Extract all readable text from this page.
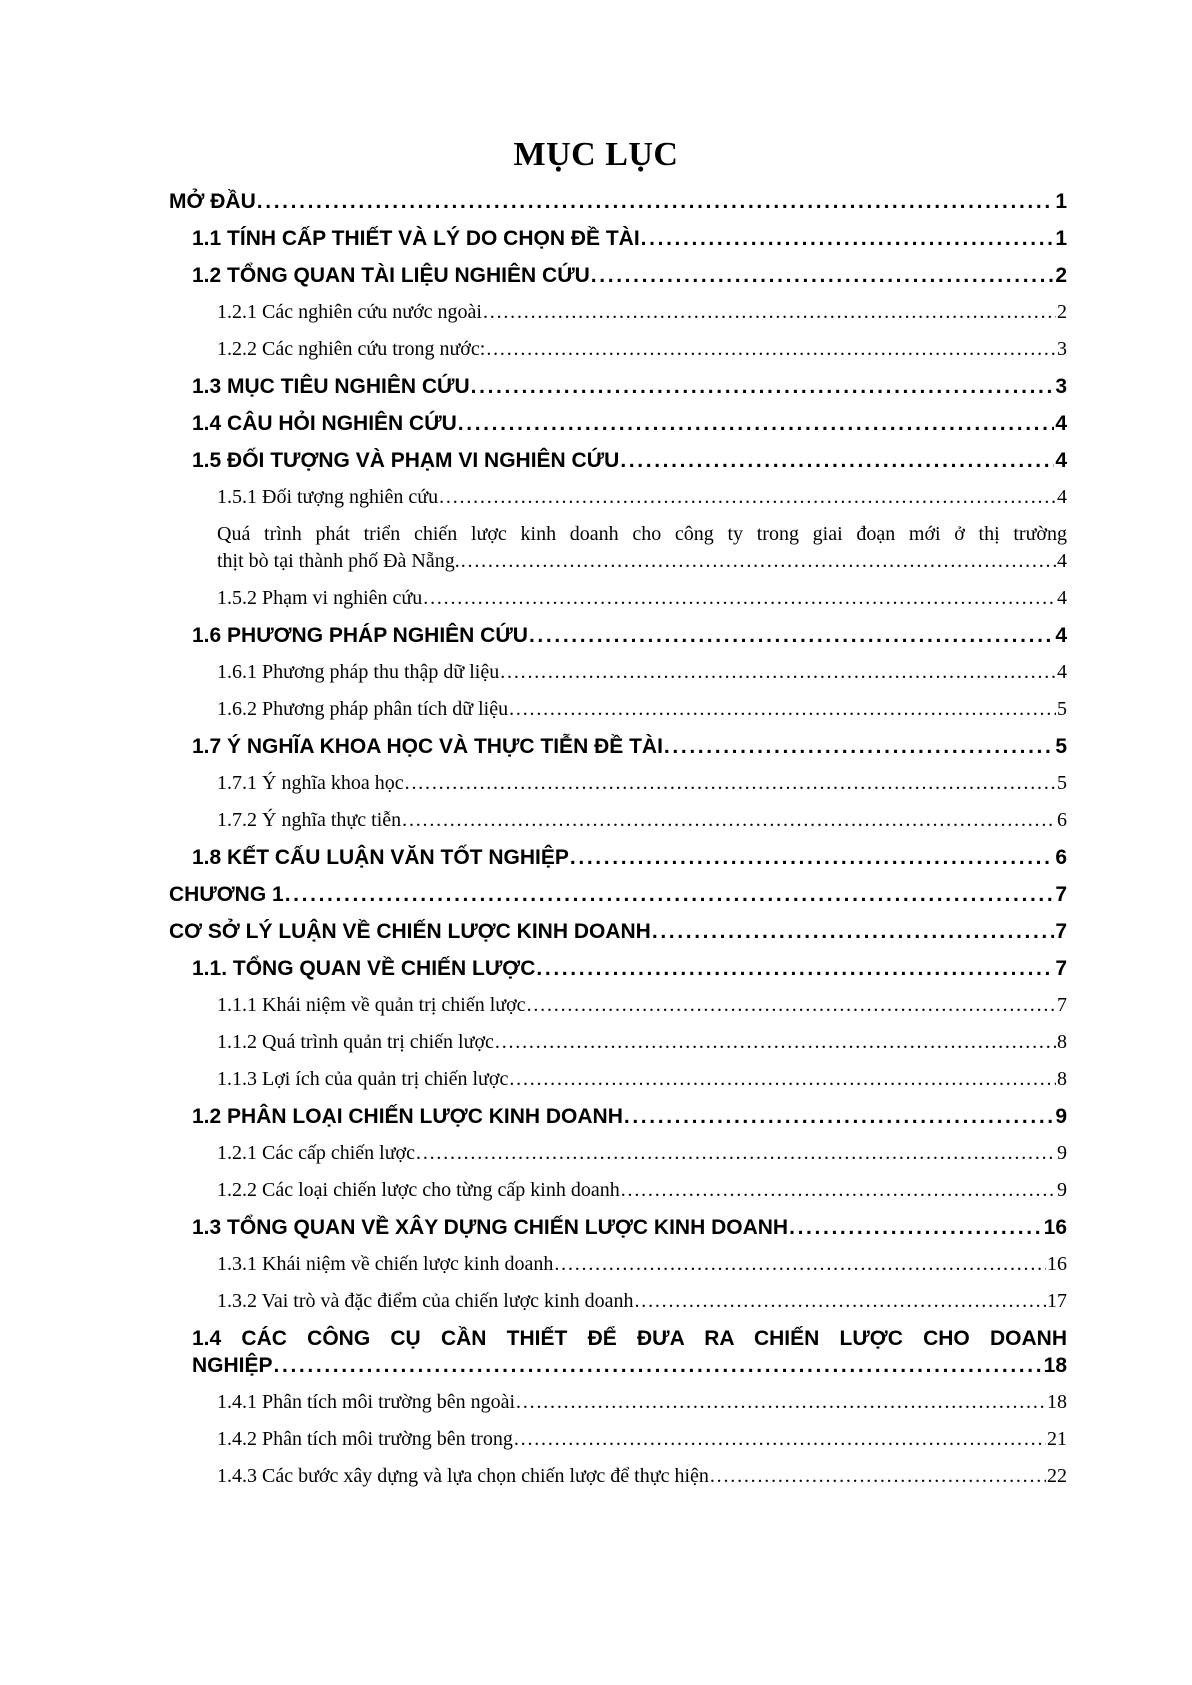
MỤC LỤC
MỞ ĐẦU . . .	1
1.1 TÍNH CẤP THIẾT VÀ LÝ DO CHỌN ĐỀ TÀI . . .	1
1.2 TỔNG QUAN TÀI LIỆU NGHIÊN CỨU . . .	2
1.2.1 Các nghiên cứu nước ngoài . . .	2
1.2.2 Các nghiên cứu trong nước: . . .	3
1.3 MỤC TIÊU NGHIÊN CỨU . . .	3
1.4 CÂU HỎI NGHIÊN CỨU . . .	4
1.5 ĐỐI TƯỢNG VÀ PHẠM VI NGHIÊN CỨU . . .	4
1.5.1 Đối tượng nghiên cứu . . .	4
Quá trình phát triển chiến lược kinh doanh cho công ty trong giai đoạn mới ở thị trường
thịt bò tại thành phố Đà Nẵng. . . .	4
1.5.2 Phạm vi nghiên cứu . . .	4
1.6 PHƯƠNG PHÁP NGHIÊN CỨU . . .	4
1.6.1 Phương pháp thu thập dữ liệu . . .	4
1.6.2 Phương pháp phân tích dữ liệu . . .	5
1.7 Ý NGHĨA KHOA HỌC VÀ THỰC TIỄN ĐỀ TÀI . . .	5
1.7.1 Ý nghĩa khoa học . . .	5
1.7.2 Ý nghĩa thực tiễn . . .	6
1.8 KẾT CẤU LUẬN VĂN TỐT NGHIỆP . . .	6
CHƯƠNG 1 . . .	7
CƠ SỞ LÝ LUẬN VỀ CHIẾN LƯỢC KINH DOANH . . .	7
1.1. TỔNG QUAN VỀ CHIẾN LƯỢC . . .	7
1.1.1 Khái niệm về quản trị chiến lược . . .	7
1.1.2 Quá trình quản trị chiến lược . . .	8
1.1.3 Lợi ích của quản trị chiến lược . . .	8
1.2 PHÂN LOẠI CHIẾN LƯỢC KINH DOANH . . .	9
1.2.1 Các cấp chiến lược . . .	9
1.2.2 Các loại chiến lược cho từng cấp kinh doanh . . .	9
1.3 TỔNG QUAN VỀ XÂY DỰNG CHIẾN LƯỢC KINH DOANH . . .	16
1.3.1 Khái niệm về chiến lược kinh doanh . . .	16
1.3.2 Vai trò và đặc điểm của chiến lược kinh doanh . . .	17
1.4 CÁC CÔNG CỤ CẦN THIẾT ĐỂ ĐƯA RA CHIẾN LƯỢC CHO DOANH
NGHIỆP . . .	18
1.4.1 Phân tích môi trường bên ngoài . . .	18
1.4.2 Phân tích môi trường bên trong . . .	21
1.4.3 Các bước xây dựng và lựa chọn chiến lược để thực hiện . . .	22
